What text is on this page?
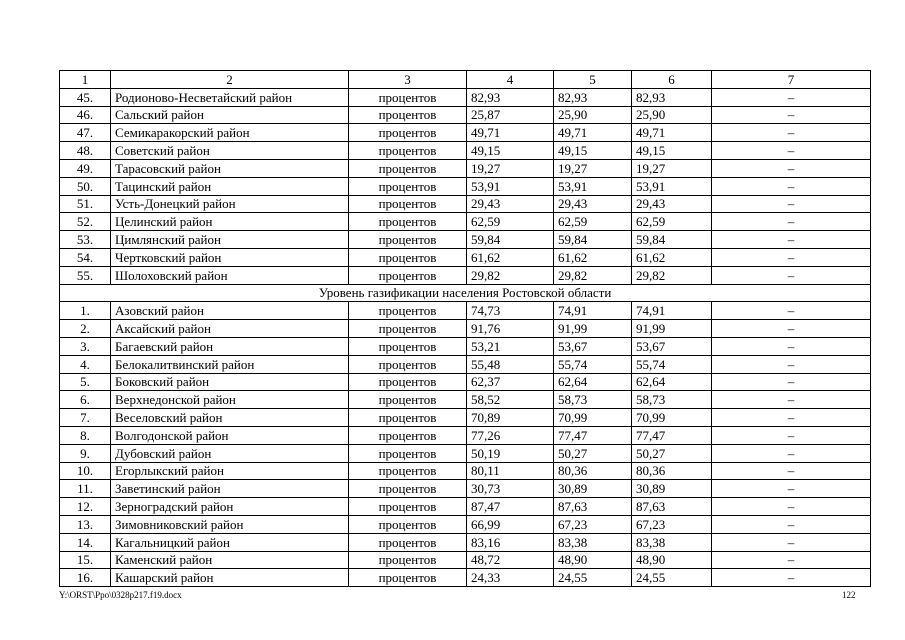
1	2	3	4	5	6	7
45.	Родионово-Несветайский район	процентов	82,93	82,93	82,93	–
46.	Сальский район	процентов	25,87	25,90	25,90	–
47.	Семикаракорский район	процентов	49,71	49,71	49,71	–
48.	Советский район	процентов	49,15	49,15	49,15	–
49.	Тарасовский район	процентов	19,27	19,27	19,27	–
50.	Тацинский район	процентов	53,91	53,91	53,91	–
51.	Усть-Донецкий район	процентов	29,43	29,43	29,43	–
52.	Целинский район	процентов	62,59	62,59	62,59	–
53.	Цимлянский район	процентов	59,84	59,84	59,84	–
54.	Чертковский район	процентов	61,62	61,62	61,62	–
55.	Шолоховский район	процентов	29,82	29,82	29,82	–
Уровень газификации населения Ростовской области						
1.	Азовский район	процентов	74,73	74,91	74,91	–
2.	Аксайский район	процентов	91,76	91,99	91,99	–
3.	Багаевский район	процентов	53,21	53,67	53,67	–
4.	Белокалитвинский район	процентов	55,48	55,74	55,74	–
5.	Боковский район	процентов	62,37	62,64	62,64	–
6.	Верхнедонской район	процентов	58,52	58,73	58,73	–
7.	Веселовский район	процентов	70,89	70,99	70,99	–
8.	Волгодонской район	процентов	77,26	77,47	77,47	–
9.	Дубовский район	процентов	50,19	50,27	50,27	–
10.	Егорлыкский район	процентов	80,11	80,36	80,36	–
11.	Заветинский район	процентов	30,73	30,89	30,89	–
12.	Зерноградский район	процентов	87,47	87,63	87,63	–
13.	Зимовниковский район	процентов	66,99	67,23	67,23	–
14.	Кагальницкий район	процентов	83,16	83,38	83,38	–
15.	Каменский район	процентов	48,72	48,90	48,90	–
16.	Кашарский район	процентов	24,33	24,55	24,55	–
Y:\ORST\Ppo\0328p217.f19.docx	122
